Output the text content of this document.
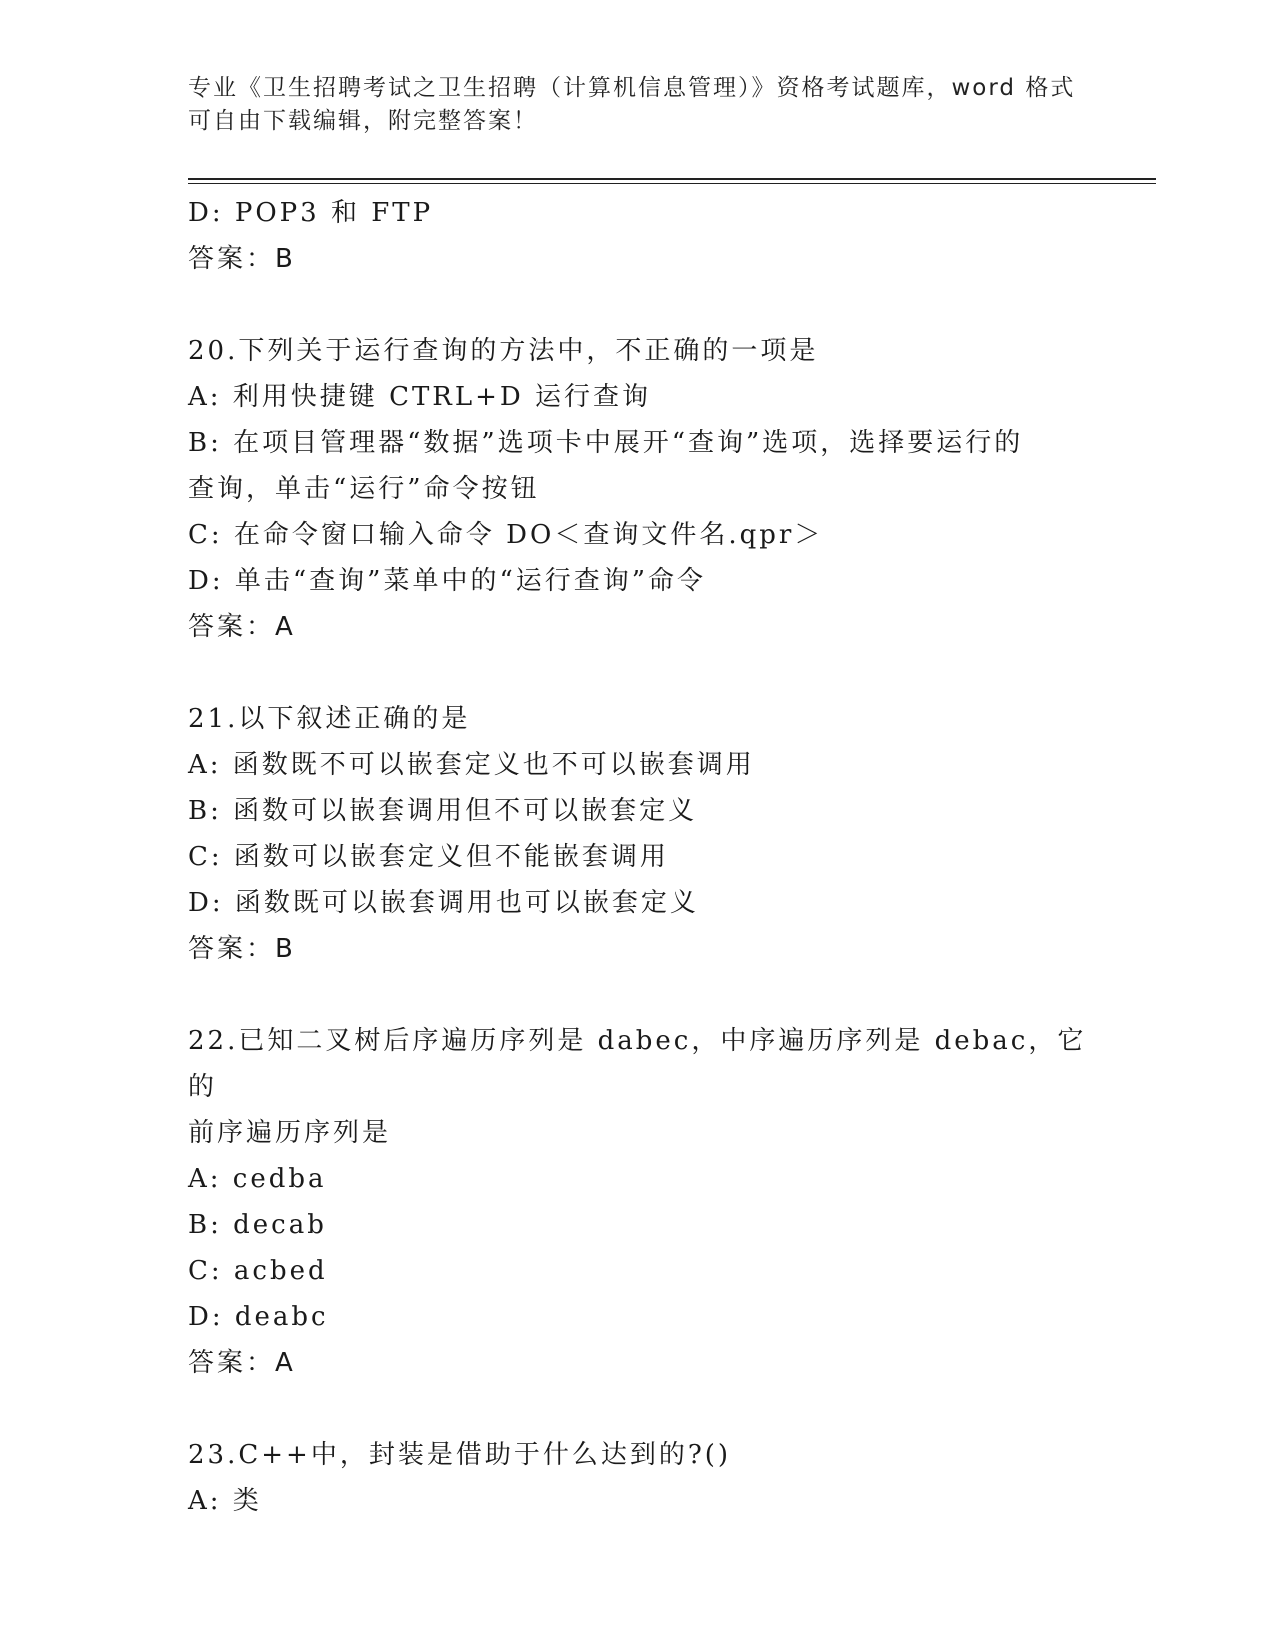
专业《卫生招聘考试之卫生招聘（计算机信息管理）》资格考试题库，word 格式
可自由下载编辑，附完整答案！
D: POP3 和 FTP
答案：B
20.下列关于运行查询的方法中，不正确的一项是
A: 利用快捷键 CTRL+D 运行查询
B: 在项目管理器“数据”选项卡中展开“查询”选项，选择要运行的
查询，单击“运行”命令按钮
C: 在命令窗口输入命令 DO＜查询文件名.qpr＞
D: 单击“查询”菜单中的“运行查询”命令
答案：A
21.以下叙述正确的是
A: 函数既不可以嵌套定义也不可以嵌套调用
B: 函数可以嵌套调用但不可以嵌套定义
C: 函数可以嵌套定义但不能嵌套调用
D: 函数既可以嵌套调用也可以嵌套定义
答案：B
22.已知二叉树后序遍历序列是 dabec，中序遍历序列是 debac，它的
前序遍历序列是
A: cedba
B: decab
C: acbed
D: deabc
答案：A
23.C++中，封装是借助于什么达到的?()
A: 类
